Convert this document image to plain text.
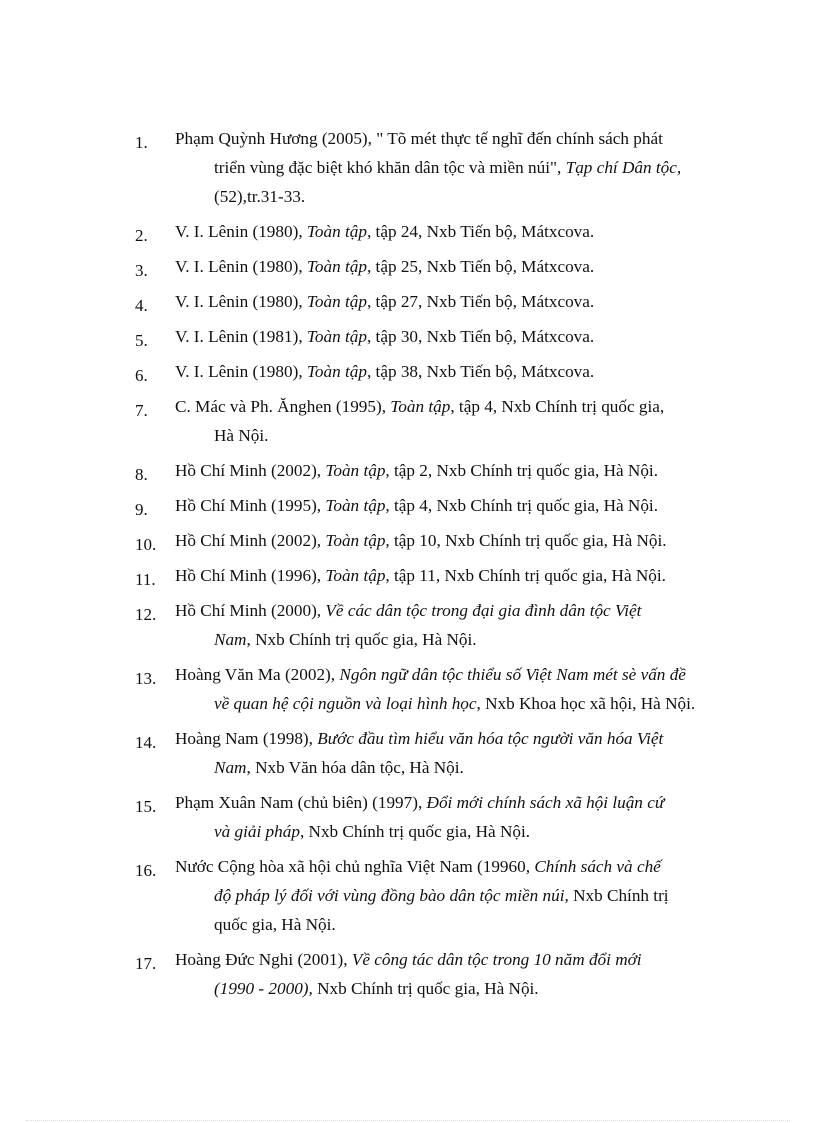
1. Phạm Quỳnh Hương (2005), " Tõ mét thực tế nghĩ đến chính sách phát
triển vùng đặc biệt khó khăn dân tộc và miền núi", Tạp chí Dân tộc,
(52),tr.31-33.
2. V. I. Lênin (1980), Toàn tập, tập 24, Nxb Tiến bộ, Mátxcova.
3. V. I. Lênin (1980), Toàn tập, tập 25, Nxb Tiến bộ, Mátxcova.
4. V. I. Lênin (1980), Toàn tập, tập 27, Nxb Tiến bộ, Mátxcova.
5. V. I. Lênin (1981), Toàn tập, tập 30, Nxb Tiến bộ, Mátxcova.
6. V. I. Lênin (1980), Toàn tập, tập 38, Nxb Tiến bộ, Mátxcova.
7. C. Mác và Ph. Ănghen (1995), Toàn tập, tập 4, Nxb Chính trị quốc gia,
Hà Nội.
8. Hồ Chí Minh (2002), Toàn tập, tập 2, Nxb Chính trị quốc gia, Hà Nội.
9. Hồ Chí Minh (1995), Toàn tập, tập 4, Nxb Chính trị quốc gia, Hà Nội.
10. Hồ Chí Minh (2002), Toàn tập, tập 10, Nxb Chính trị quốc gia, Hà Nội.
11. Hồ Chí Minh (1996), Toàn tập, tập 11, Nxb Chính trị quốc gia, Hà Nội.
12. Hồ Chí Minh (2000), Về các dân tộc trong đại gia đình dân tộc Việt
Nam, Nxb Chính trị quốc gia, Hà Nội.
13. Hoàng Văn Ma (2002), Ngôn ngữ dân tộc thiểu số Việt Nam mét sè vấn đề
về quan hệ cội nguồn và loại hình học, Nxb Khoa học xã hội, Hà Nội.
14. Hoàng Nam (1998), Bước đầu tìm hiểu văn hóa tộc người văn hóa Việt
Nam, Nxb Văn hóa dân tộc, Hà Nội.
15. Phạm Xuân Nam (chủ biên) (1997), Đổi mới chính sách xã hội luận cứ
và giải pháp, Nxb Chính trị quốc gia, Hà Nội.
16. Nước Cộng hòa xã hội chủ nghĩa Việt Nam (19960, Chính sách và chế
độ pháp lý đối với vùng đồng bào dân tộc miền núi, Nxb Chính trị
quốc gia, Hà Nội.
17. Hoàng Đức Nghi (2001), Về công tác dân tộc trong 10 năm đổi mới
(1990 - 2000), Nxb Chính trị quốc gia, Hà Nội.
